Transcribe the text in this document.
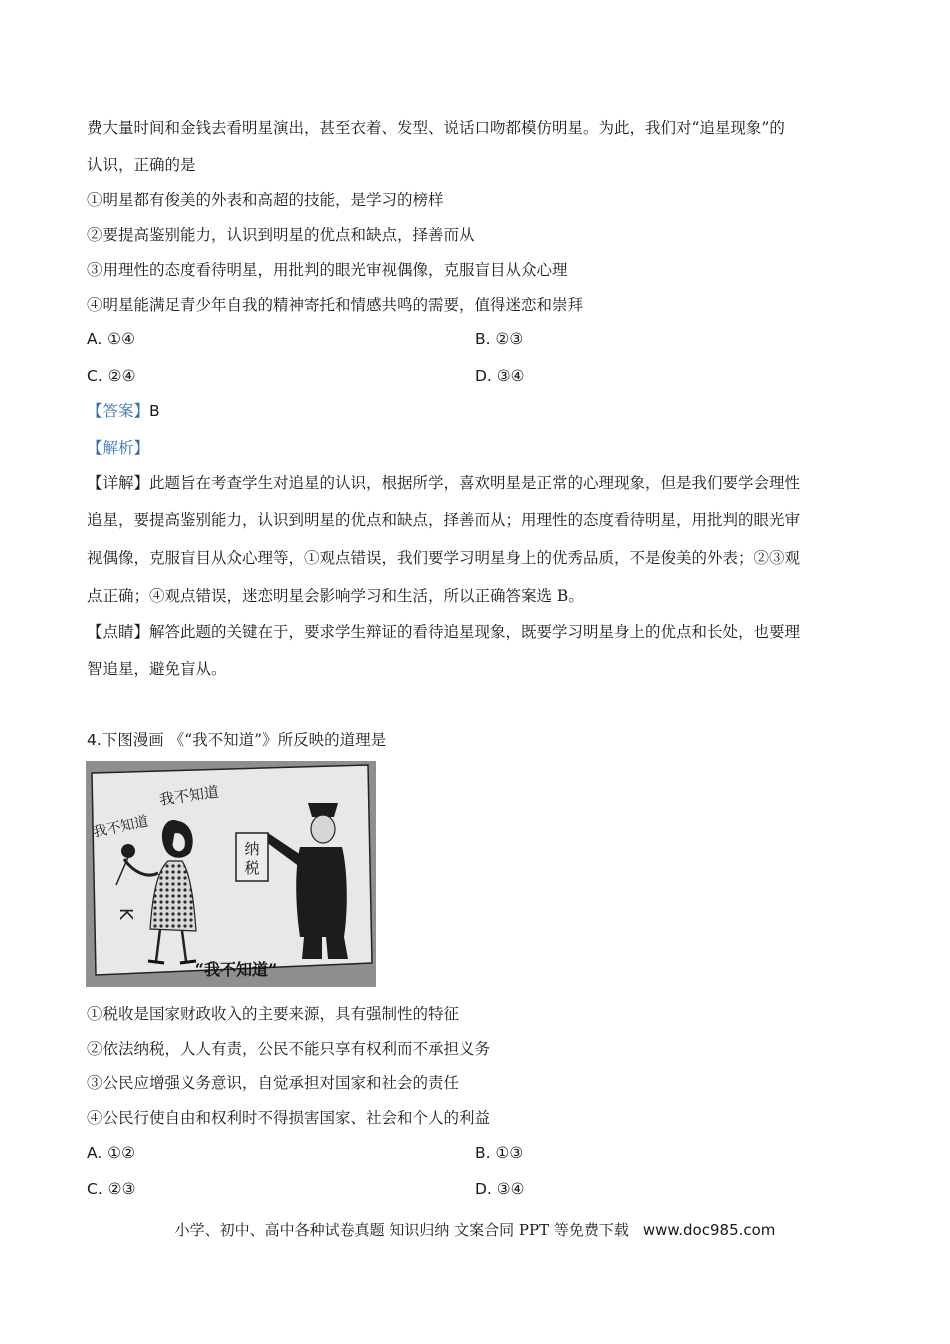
费大量时间和金钱去看明星演出，甚至衣着、发型、说话口吻都模仿明星。为此，我们对“追星现象”的
认识，正确的是
①明星都有俊美的外表和高超的技能，是学习的榜样
②要提高鉴别能力，认识到明星的优点和缺点，择善而从
③用理性的态度看待明星，用批判的眼光审视偶像，克服盲目从众心理
④明星能满足青少年自我的精神寄托和情感共鸣的需要，值得迷恋和崇拜
A. ①④	B. ②③
C. ②④	D. ③④
【答案】B
【解析】
【详解】此题旨在考查学生对追星的认识，根据所学，喜欢明星是正常的心理现象，但是我们要学会理性
追星，要提高鉴别能力，认识到明星的优点和缺点，择善而从；用理性的态度看待明星，用批判的眼光审
视偶像，克服盲目从众心理等，①观点错误，我们要学习明星身上的优秀品质，不是俊美的外表；②③观
点正确；④观点错误，迷恋明星会影响学习和生活，所以正确答案选 B。
【点睛】解答此题的关键在于，要求学生辩证的看待追星现象，既要学习明星身上的优点和长处，也要理
智追星，避免盲从。
4.下图漫画 《“我不知道”》所反映的道理是
K
我不知道
我不知道
纳
税
“我不知道”
①税收是国家财政收入的主要来源，具有强制性的特征
②依法纳税，人人有责，公民不能只享有权利而不承担义务
③公民应增强义务意识，自觉承担对国家和社会的责任
④公民行使自由和权利时不得损害国家、社会和个人的利益
A. ①②	B. ①③
C. ②③	D. ③④
小学、初中、高中各种试卷真题 知识归纳 文案合同 PPT 等免费下载 www.doc985.com
